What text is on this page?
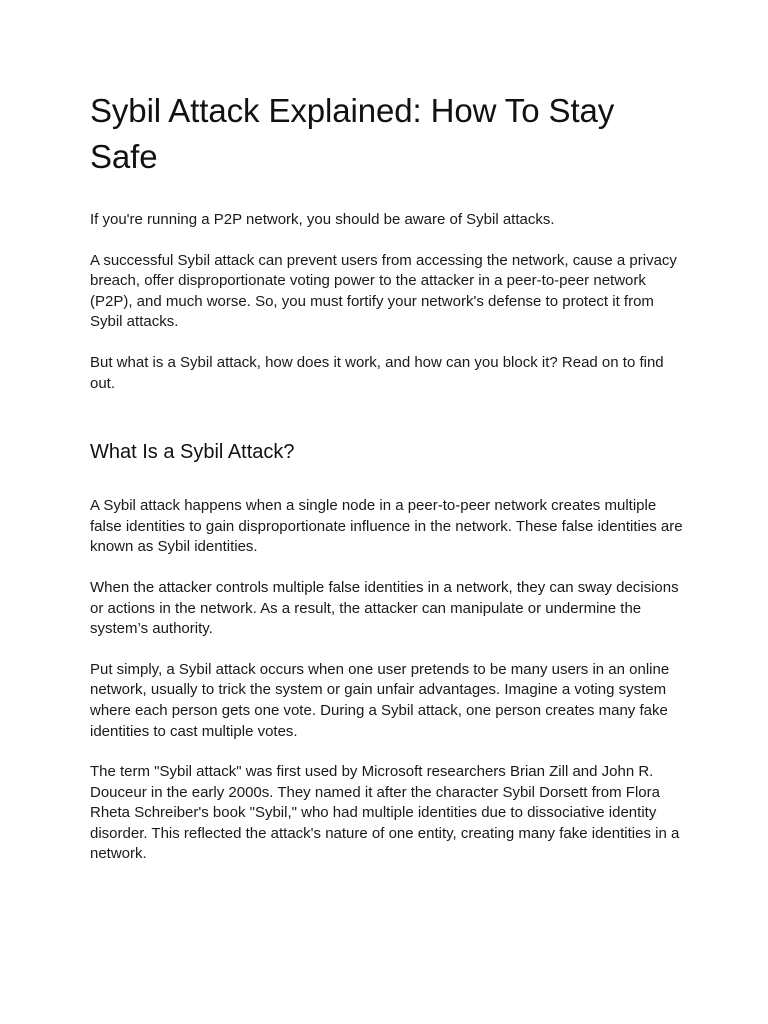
Sybil Attack Explained: How To Stay Safe

If you're running a P2P network, you should be aware of Sybil attacks.

A successful Sybil attack can prevent users from accessing the network, cause a privacy breach, offer disproportionate voting power to the attacker in a peer-to-peer network (P2P), and much worse. So, you must fortify your network's defense to protect it from Sybil attacks.

But what is a Sybil attack, how does it work, and how can you block it? Read on to find out.

What Is a Sybil Attack?

A Sybil attack happens when a single node in a peer-to-peer network creates multiple false identities to gain disproportionate influence in the network. These false identities are known as Sybil identities.

When the attacker controls multiple false identities in a network, they can sway decisions or actions in the network. As a result, the attacker can manipulate or undermine the system’s authority.

Put simply, a Sybil attack occurs when one user pretends to be many users in an online network, usually to trick the system or gain unfair advantages. Imagine a voting system where each person gets one vote. During a Sybil attack, one person creates many fake identities to cast multiple votes.

The term "Sybil attack" was first used by Microsoft researchers Brian Zill and John R. Douceur in the early 2000s. They named it after the character Sybil Dorsett from Flora Rheta Schreiber's book "Sybil," who had multiple identities due to dissociative identity disorder. This reflected the attack's nature of one entity, creating many fake identities in a network.
